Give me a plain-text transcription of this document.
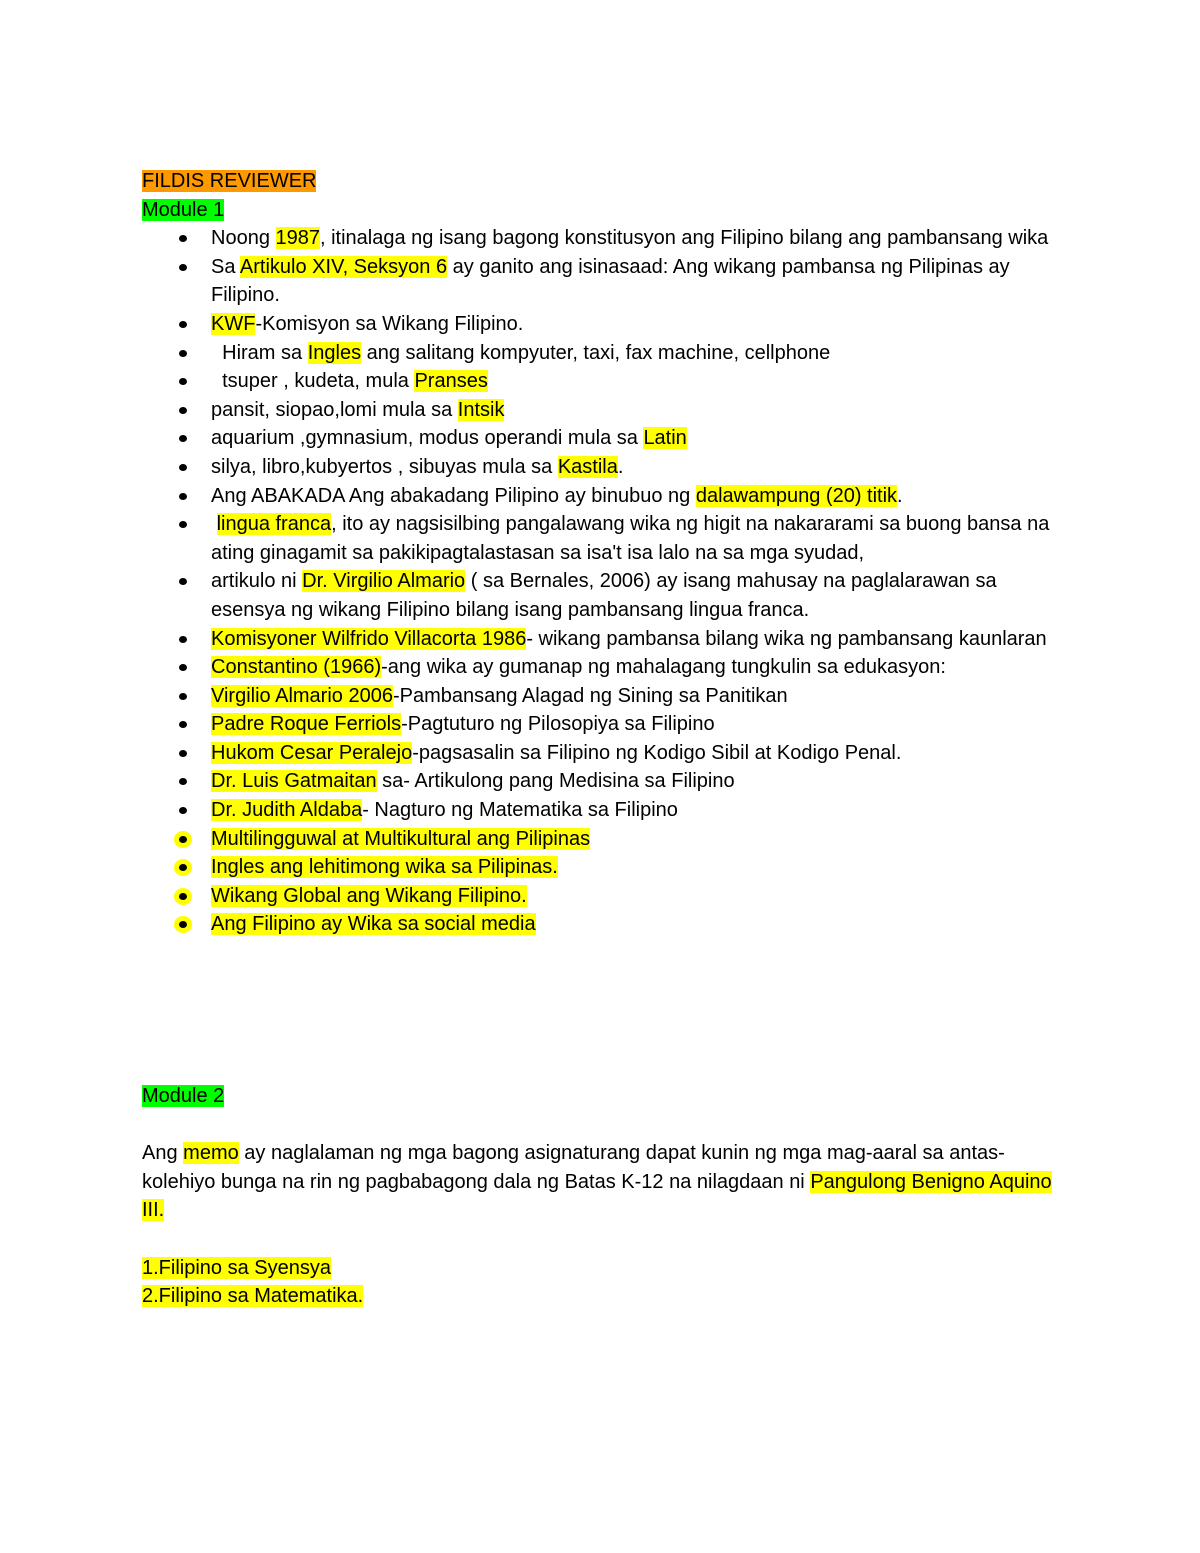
FILDIS REVIEWER
Module 1
Noong 1987, itinalaga ng isang bagong konstitusyon ang Filipino bilang ang pambansang wika
Sa Artikulo XIV, Seksyon 6 ay ganito ang isinasaad: Ang wikang pambansa ng Pilipinas ay Filipino.
KWF-Komisyon sa Wikang Filipino.
Hiram sa Ingles ang salitang kompyuter, taxi, fax machine, cellphone
tsuper , kudeta, mula Pranses
pansit, siopao,lomi mula sa Intsik
aquarium ,gymnasium, modus operandi mula sa Latin
silya, libro,kubyertos , sibuyas mula sa Kastila.
Ang ABAKADA Ang abakadang Pilipino ay binubuo ng dalawampung (20) titik.
lingua franca, ito ay nagsisilbing pangalawang wika ng higit na nakararami sa buong bansa na ating ginagamit sa pakikipagtalastasan sa isa't isa lalo na sa mga syudad,
artikulo ni Dr. Virgilio Almario ( sa Bernales, 2006) ay isang mahusay na paglalarawan sa esensya ng wikang Filipino bilang isang pambansang lingua franca.
Komisyoner Wilfrido Villacorta 1986- wikang pambansa bilang wika ng pambansang kaunlaran
Constantino (1966)-ang wika ay gumanap ng mahalagang tungkulin sa edukasyon:
Virgilio Almario 2006-Pambansang Alagad ng Sining sa Panitikan
Padre Roque Ferriols-Pagtuturo ng Pilosopiya sa Filipino
Hukom Cesar Peralejo-pagsasalin sa Filipino ng Kodigo Sibil at Kodigo Penal.
Dr. Luis Gatmaitan sa- Artikulong pang Medisina sa Filipino
Dr. Judith Aldaba- Nagturo ng Matematika sa Filipino
Multilingguwal at Multikultural ang Pilipinas
Ingles ang lehitimong wika sa Pilipinas.
Wikang Global ang Wikang Filipino.
Ang Filipino ay Wika sa social media
Module 2
Ang memo ay naglalaman ng mga bagong asignaturang dapat kunin ng mga mag-aaral sa antas- kolehiyo bunga na rin ng pagbabagong dala ng Batas K-12 na nilagdaan ni Pangulong Benigno Aquino III.
1.Filipino sa Syensya
2.Filipino sa Matematika.
